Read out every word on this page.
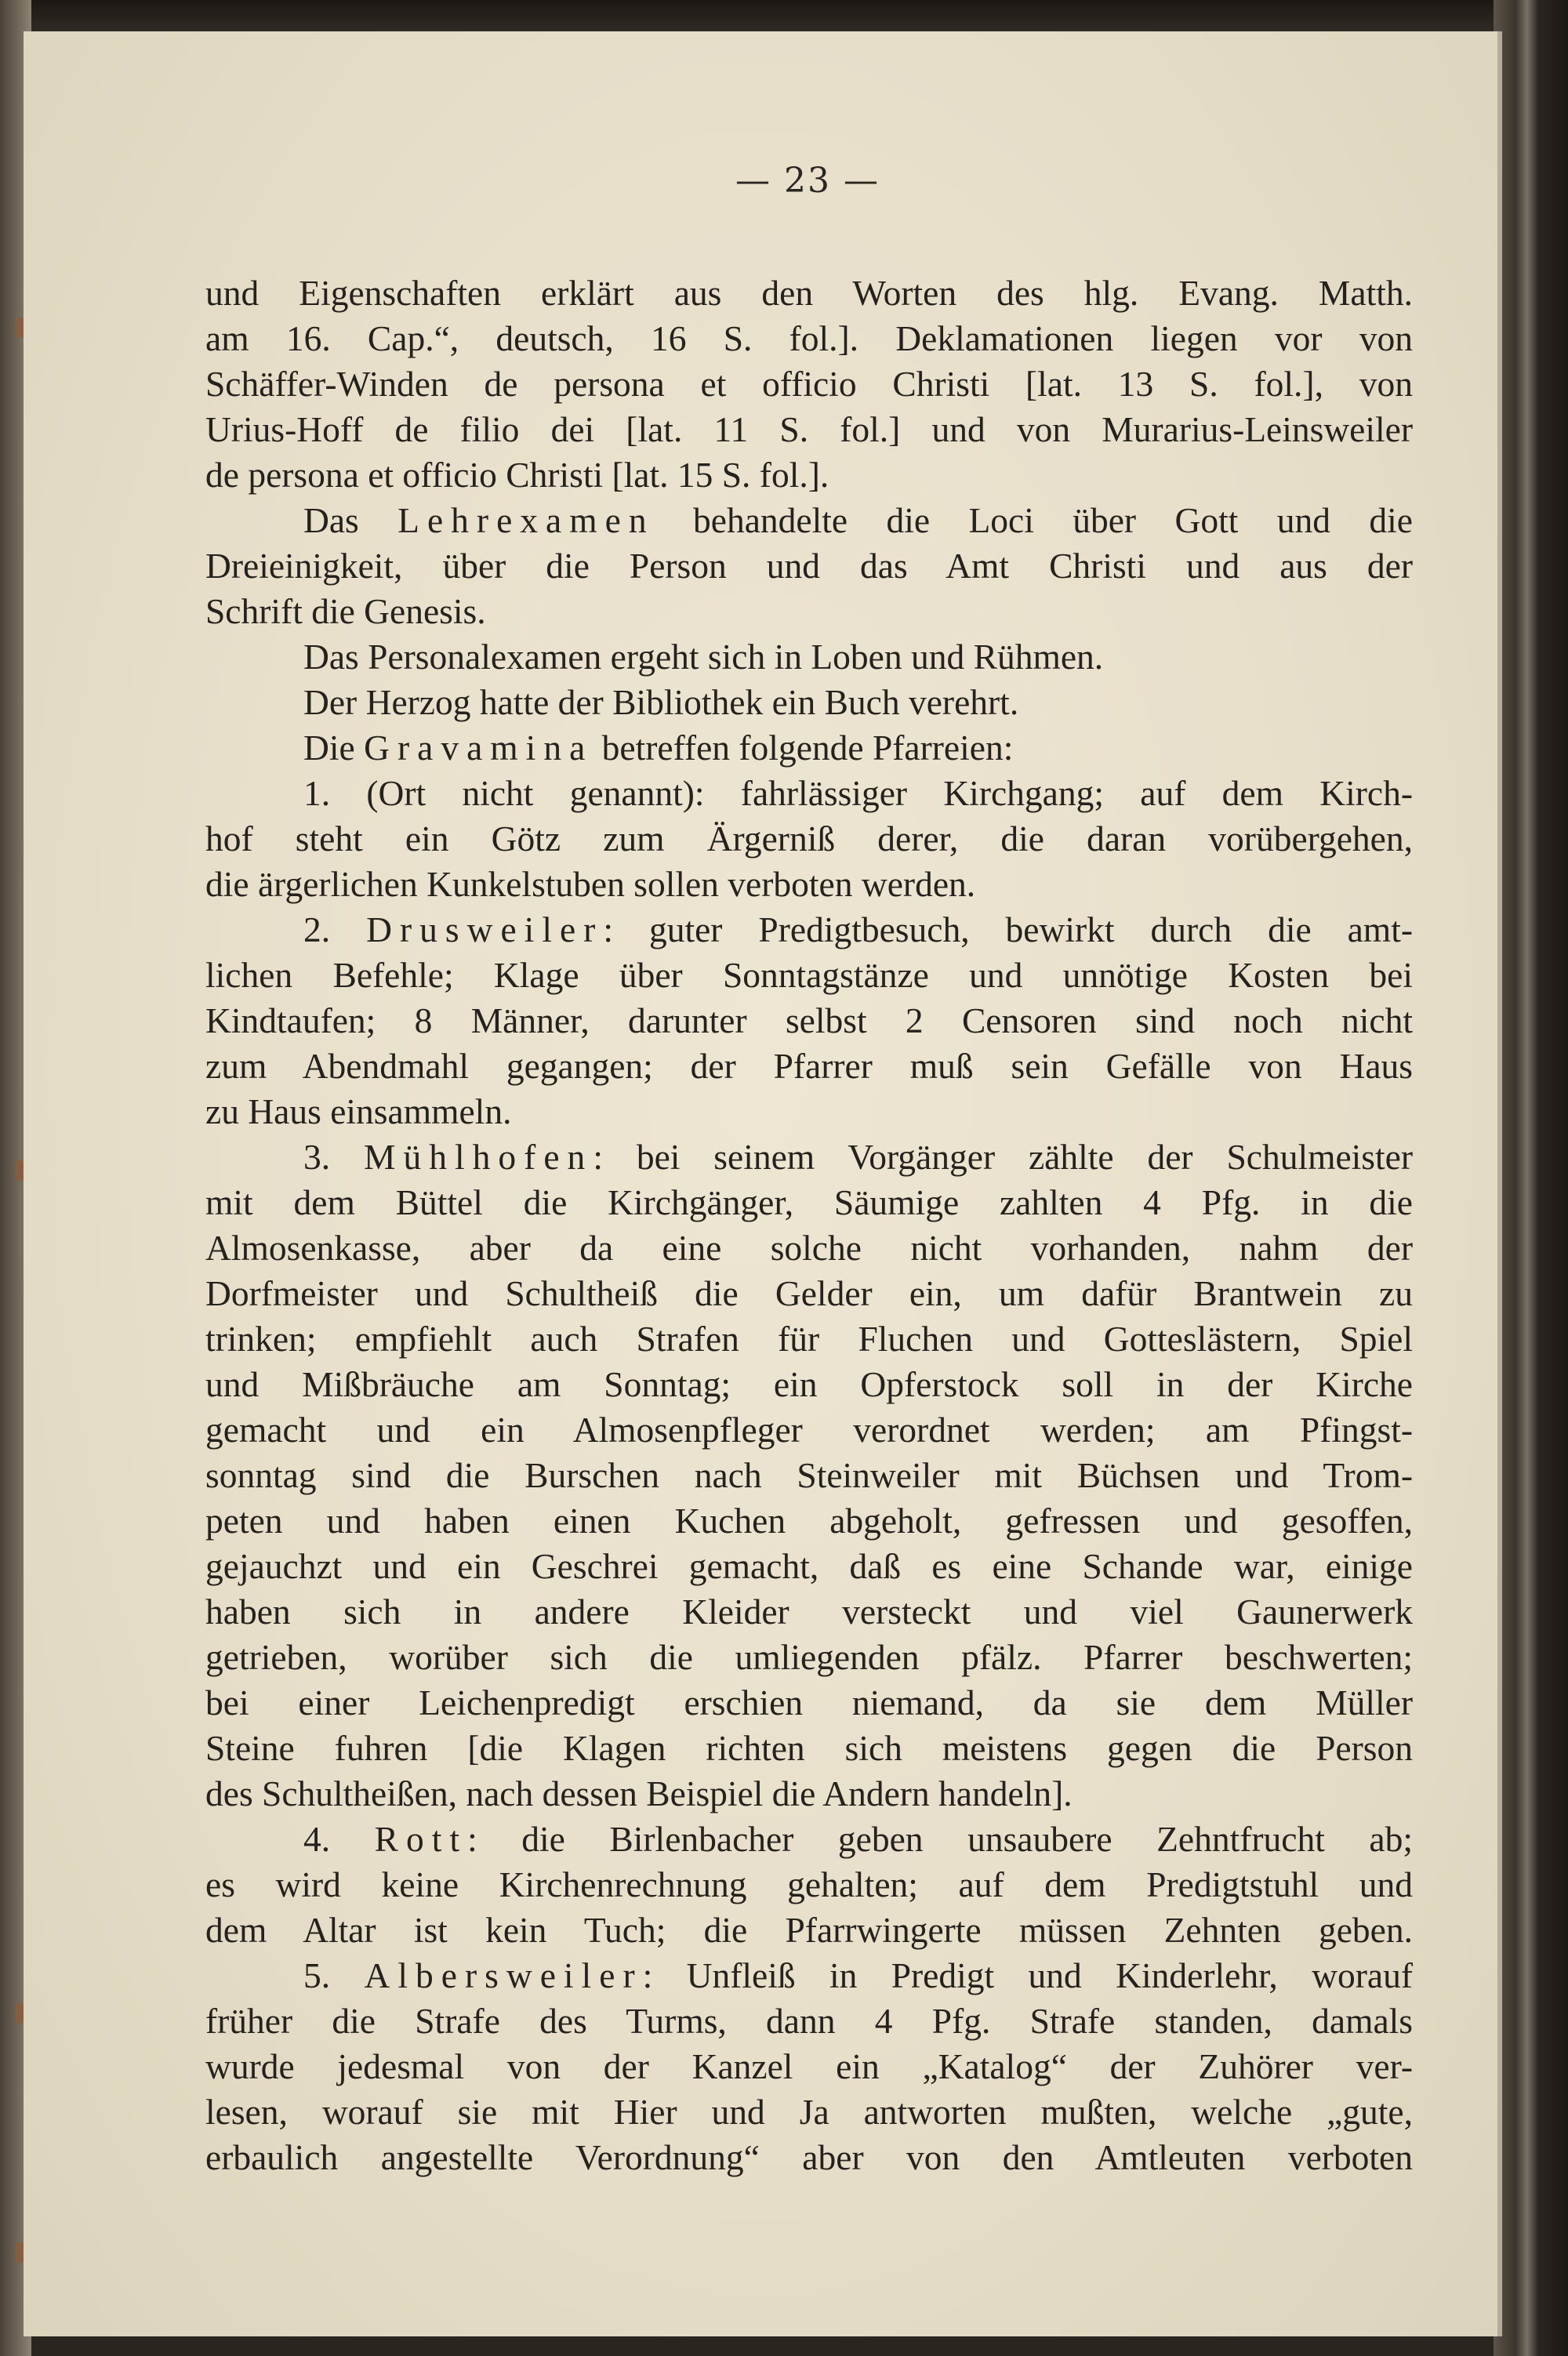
— 23 —
und Eigenschaften erklärt aus den Worten des hlg. Evang. Matth.
am 16. Cap.“, deutsch, 16 S. fol.]. Deklamationen liegen vor von
Schäffer-Winden de persona et officio Christi [lat. 13 S. fol.], von
Urius-Hoff de filio dei [lat. 11 S. fol.] und von Murarius-Leinsweiler
de persona et officio Christi [lat. 15 S. fol.].
Das Lehrexamen behandelte die Loci über Gott und die
Dreieinigkeit, über die Person und das Amt Christi und aus der
Schrift die Genesis.
Das Personalexamen ergeht sich in Loben und Rühmen.
Der Herzog hatte der Bibliothek ein Buch verehrt.
Die Gravamina betreffen folgende Pfarreien:
1. (Ort nicht genannt): fahrlässiger Kirchgang; auf dem Kirch-
hof steht ein Götz zum Ärgerniß derer, die daran vorübergehen,
die ärgerlichen Kunkelstuben sollen verboten werden.
2. Drusweiler: guter Predigtbesuch, bewirkt durch die amt-
lichen Befehle; Klage über Sonntagstänze und unnötige Kosten bei
Kindtaufen; 8 Männer, darunter selbst 2 Censoren sind noch nicht
zum Abendmahl gegangen; der Pfarrer muß sein Gefälle von Haus
zu Haus einsammeln.
3. Mühlhofen: bei seinem Vorgänger zählte der Schulmeister
mit dem Büttel die Kirchgänger, Säumige zahlten 4 Pfg. in die
Almosenkasse, aber da eine solche nicht vorhanden, nahm der
Dorfmeister und Schultheiß die Gelder ein, um dafür Brantwein zu
trinken; empfiehlt auch Strafen für Fluchen und Gotteslästern, Spiel
und Mißbräuche am Sonntag; ein Opferstock soll in der Kirche
gemacht und ein Almosenpfleger verordnet werden; am Pfingst-
sonntag sind die Burschen nach Steinweiler mit Büchsen und Trom-
peten und haben einen Kuchen abgeholt, gefressen und gesoffen,
gejauchzt und ein Geschrei gemacht, daß es eine Schande war, einige
haben sich in andere Kleider versteckt und viel Gaunerwerk
getrieben, worüber sich die umliegenden pfälz. Pfarrer beschwerten;
bei einer Leichenpredigt erschien niemand, da sie dem Müller
Steine fuhren [die Klagen richten sich meistens gegen die Person
des Schultheißen, nach dessen Beispiel die Andern handeln].
4. Rott: die Birlenbacher geben unsaubere Zehntfrucht ab;
es wird keine Kirchenrechnung gehalten; auf dem Predigtstuhl und
dem Altar ist kein Tuch; die Pfarrwingerte müssen Zehnten geben.
5. Albersweiler: Unfleiß in Predigt und Kinderlehr, worauf
früher die Strafe des Turms, dann 4 Pfg. Strafe standen, damals
wurde jedesmal von der Kanzel ein „Katalog“ der Zuhörer ver-
lesen, worauf sie mit Hier und Ja antworten mußten, welche „gute,
erbaulich angestellte Verordnung“ aber von den Amtleuten verboten
